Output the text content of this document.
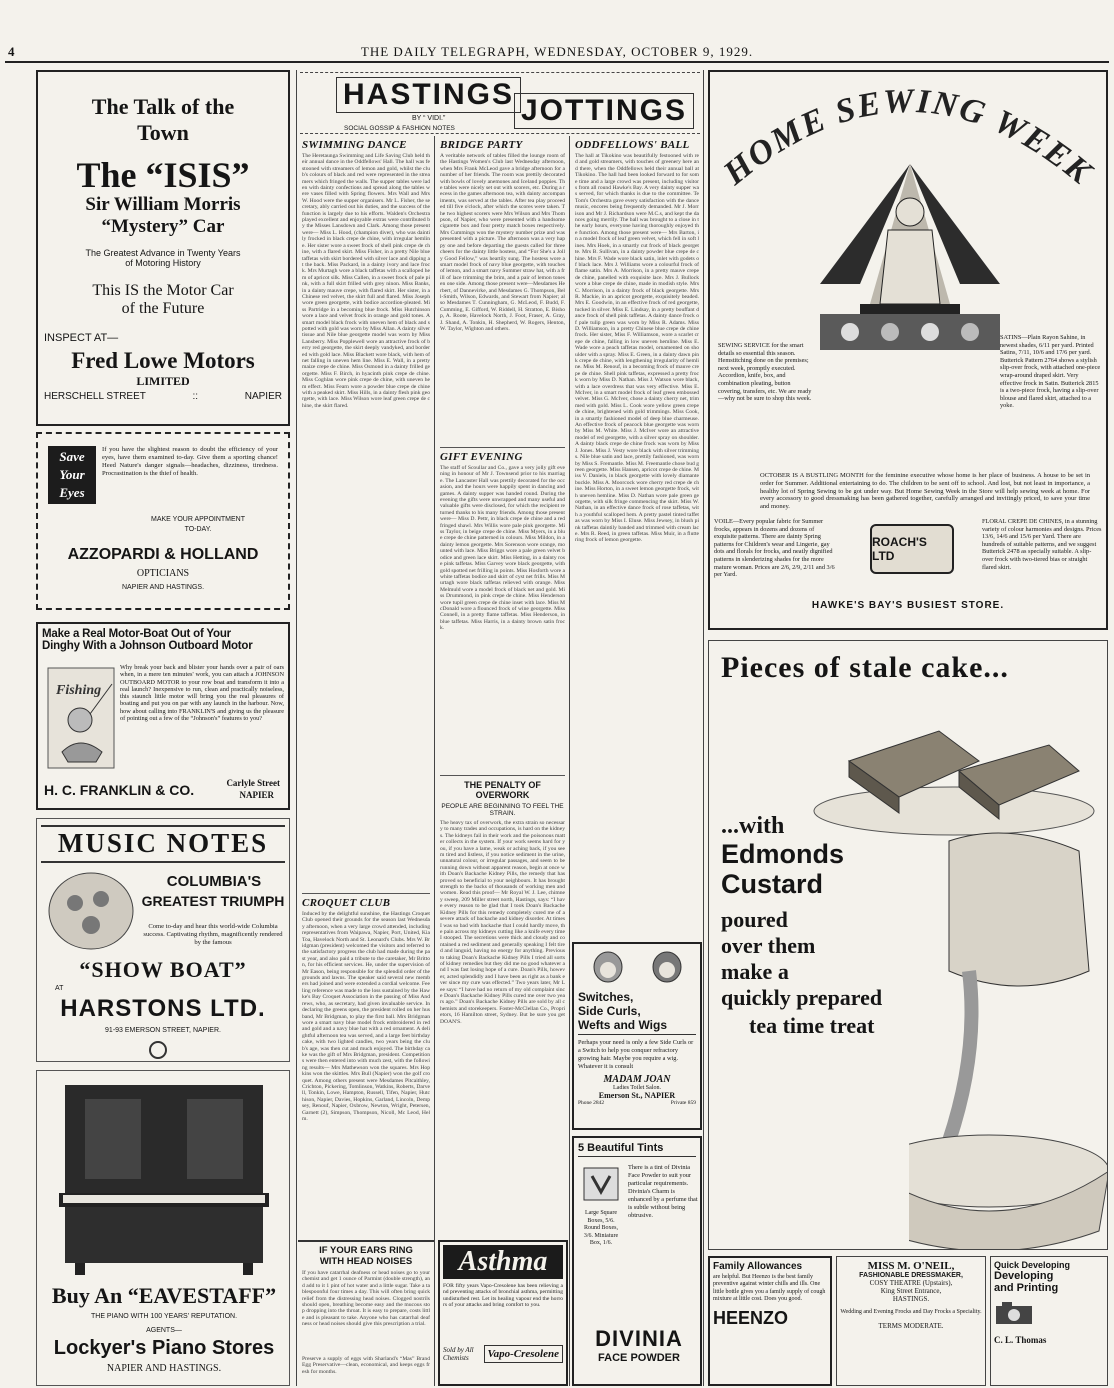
4	THE DAILY TELEGRAPH, WEDNESDAY, OCTOBER 9, 1929.
The Talk of the
Town
The “ISIS”
Sir William Morris
“Mystery” Car
The Greatest Advance in Twenty Years
of Motoring History
This IS the Motor Car
of the Future
INSPECT AT—
Fred Lowe Motors
LIMITED
HERSCHELL STREET	::	NAPIER
Save
Your
Eyes
If you have the slightest reason to doubt the efficiency of your eyes, have them examined to-day. Give them a sporting chance! Heed Nature's danger signals—headaches, dizziness, tiredness. Procrastination is the thief of health.
MAKE YOUR APPOINTMENT
TO-DAY.
AZZOPARDI & HOLLAND
OPTICIANS
NAPIER AND HASTINGS.
Make a Real Motor-Boat Out of Your
Dinghy With a Johnson Outboard Motor
Fishing
Why break your back and blister your hands over a pair of oars when, in a mere ten minutes' work, you can attach a JOHNSON OUTBOARD MOTOR to your row boat and transform it into a real launch? Inexpensive to run, clean and practically noiseless, this staunch little motor will bring you the real pleasures of boating and put you on par with any launch in the harbour. Now, how about calling into FRANKLIN'S and giving us the pleasure of pointing out a few of the “Johnson's” features to you?
H. C. FRANKLIN & CO.	Carlyle Street
NAPIER
MUSIC NOTES
COLUMBIA'S
GREATEST TRIUMPH
Come to-day and hear this world-wide Columbia success. Captivating rhythm, magnificently rendered by the famous
“SHOW BOAT”
AT
HARSTONS LTD.
91-93 EMERSON STREET, NAPIER.
Buy An “EAVESTAFF”
THE PIANO WITH 100 YEARS' REPUTATION.
AGENTS—
Lockyer's Piano Stores
NAPIER AND HASTINGS.
HASTINGS
BY “ VIDI.”
SOCIAL GOSSIP & FASHION NOTES
JOTTINGS
SWIMMING DANCE
The Heretaunga Swimming and Life Saving Club held their annual dance in the Oddfellows' Hall. The hall was festooned with streamers of lemon and gold, whilst the club's colours of black and red were represented in the streamers which fringed the walls. The supper tables were laden with dainty confections and spread along the tables were vases filled with Spring flowers. Mrs Wall and Mrs W. Hood were the supper organisers. Mr L. Fisher, the secretary, ably carried out his duties, and the success of the function is largely due to his efforts. Walden's Orchestra played excellent and enjoyable extras were contributed by the Misses Lansdown and Clark. Among those present were— Miss L. Hood, (champion diver), who was daintily frocked in black crepe de chine, with irregular hemline. Her sister wore a sweet frock of shell pink crepe de chine, with a flared skirt. Miss Fisher, in a pretty Nile blue taffetas with skirt bordered with silver lace and dipping at the back. Miss Packard, in a dainty ivory and lace frock. Mrs Murtagh wore a black taffetas with a scalloped hem of apricot silk. Miss Callen, in a sweet frock of pale pink, with a full skirt frilled with grey ninon. Miss Banks, in a dainty mauve crepe, with flared skirt. Her sister, in a Chinese red velvet, the skirt full and flared. Miss Joseph wore green georgette, with bodice accordion-pleated. Miss Partridge in a becoming blue frock. Miss Hutchinson wore a lace and velvet frock in orange and gold tones. A smart model black frock with uneven hem of black and spotted with gold was worn by Miss Allan. A dainty silver tissue and Nile blue georgette model was worn by Miss Lansberry. Miss Popplewell wore an attractive frock of berry red georgette, the skirt deeply vandyked, and bordered with gold lace. Miss Blackett wore black, with hem of net falling in uneven hem line. Miss E. Wall, in a pretty maize crepe de chine. Miss Osmond in a dainty frilled georgette. Miss F. Birch, in hyacinth pink crepe de chine. Miss Coghlan wore pink crepe de chine, with uneven hem effect. Miss Fearn wore a powder blue crepe de chine with a peaked skirt. Miss Hills, in a dainty flesh pink georgette, with lace. Miss Wilson wore leaf green crepe de chine, the skirt flared.
CROQUET CLUB
Induced by the delightful sunshine, the Hastings Croquet Club opened their grounds for the season last Wednesday afternoon, when a very large crowd attended, including representatives from Waipawa, Napier, Port, United, Kia Toa, Havelock North and St. Leonard's Clubs. Mrs W. Bridgman (president) welcomed the visitors and referred to the satisfactory progress the club had made during the past year, and also paid a tribute to the caretaker, Mr Britton, for his efficient services. He, under the supervision of Mr Eason, being responsible for the splendid order of the grounds and lawns. The speaker said several new members had joined and were extended a cordial welcome. Feeling reference was made to the loss sustained by the Hawke's Bay Croquet Association in the passing of Miss Andrews, who, as secretary, had given invaluable service. In declaring the greens open, the president rolled on her husband, Mr Bridgman, to play the first ball. Mrs Bridgman wore a smart navy blue model frock embroidered in red and gold and a navy blue hat with a red ornament. A delightful afternoon tea was served, and a large feet birthday cake, with two lighted candles, two years being the club's age, was then cut and much enjoyed. The birthday cake was the gift of Mrs Bridgman, president. Competitions were then entered into with much zest, with the following results— Mrs Mathewson won the squares. Mrs Hopkins won the skittles. Mrs Bull (Napier) won the golf croquet. Among others present were Mesdames Pitcaithley, Crichton, Pickering, Tomlinson, Watkins, Roberts, Darvell, Tonkin, Lowe, Hampton, Russell, Tifen, Napier, Hutchison, Napier, Davies, Hopkins, Garland, Lincoln, Dempsey, Renouf, Napier, Oxbrow, Newton, Wright, Petersen, Garnett (2), Simpson, Thompson, Nicoll, Mc Leod, Helm.
IF YOUR EARS RING
WITH HEAD NOISES
If you have catarrhal deafness or head noises go to your chemist and get 1 ounce of Parmint (double strength), and add to it 1 pint of hot water and a little sugar. Take a tablespoonful four times a day. This will often bring quick relief from the distressing head noises. Clogged nostrils should open, breathing become easy and the mucous stop dropping into the throat. It is easy to prepare, costs little and is pleasant to take. Anyone who has catarrhal deafness or head noises should give this prescription a trial.
Preserve a supply of eggs with Sharland's “Mas” Brand Egg Preservative—clean, economical, and keeps eggs fresh for months.
BRIDGE PARTY
A veritable network of tables filled the lounge room of the Hastings Women's Club last Wednesday afternoon, when Mrs Frank McLeod gave a bridge afternoon for a number of her friends. The room was prettily decorated with bowls of lovely anemones and Iceland poppies. The tables were nicely set out with scorers, etc. During a recess in the games afternoon tea, with dainty accompaniments, was served at the tables. After tea play proceeded till five o'clock, after which the scores were taken. The two highest scorers were Mrs Wilson and Mrs Thompson, of Napier, who were presented with a handsome cigarette box and four pretty match boxes respectively. Mrs Cummings won the mystery number prize and was presented with a picture. The afternoon was a very happy one and before departing the guests called for three cheers for the dainty little hostess, and “For She's a Jolly Good Fellow,” was heartily sung. The hostess wore a smart model frock of navy blue georgette, with touches of lemon, and a smart navy Summer straw hat, with a frill of lace trimming the brim, and a pair of lemon tones en one side. Among those present were—Mesdames Herbert, of Dannevirke, and Mesdames G. Thompson, Bell-Smith, Wilson, Edwards, and Stewart from Napier; also Mesdames T. Cunningham, G. McLeod, F. Budd, F. Cumming, E. Gifford, W. Riddell, H. Stratton, E. Bishop, A. Roote, Havelock North, J. Foot, Fraser, A. Gray, J. Shand, A. Tonkin, H. Shepherd, W. Rogers, Henton, W. Taylor, Wighton and others.
GIFT EVENING
The staff of Scoullar and Co., gave a very jolly gift evening in honour of Mr J. Townsend prior to his marriage. The Lancaster Hall was prettily decorated for the occasion, and the hours were happily spent in dancing and games. A dainty supper was handed round. During the evening the gifts were unwrapped and many useful and valuable gifts were disclosed, for which the recipient returned thanks to his many friends. Among those present were— Miss D. Pettr, in black crepe de chine and a red fringed shawl. Mrs Willis wore pale pink georgette. Miss Taylor, in beige crepe de chine. Miss Myers, in a blue crepe de chine patterned in colours. Miss Mildon, in a dainty lemon georgette. Mrs Sorenson wore orange, mounted with lace. Miss Briggs wore a pale green velvet bodice and green lace skirt. Miss Hetting, in a dainty rose pink taffetas. Miss Garvey wore black georgette, with gold spotted net frilling in points. Miss Hosforth wore a white taffetas bodice and skirt of cyst net frills. Miss Murtagh wore black taffetas relieved with orange. Miss Melmuld wore a model frock of black net and gold. Miss Drummond, in pink crepe de chine. Miss Henderson wore tupil green crepe de chine inset with lace. Miss McDonald wore a flounced frock of wine georgette. Miss Connell, in a pretty flame taffetas. Miss Henderson, in blue taffetas. Miss Harris, in a dainty brown satin frock.
THE PENALTY OF OVERWORK
PEOPLE ARE BEGINNING TO FEEL THE STRAIN.
The heavy tax of overwork, the extra strain so necessary to many trades and occupations, is hard on the kidneys. The kidneys fail in their work and the poisonous matter collects in the system. If your work seems hard for you, if you have a lame, weak or aching back, if you seem tired and listless, if you notice sediment in the urine, unnatural colour, or irregular passages, and seem to be running down without apparent reason, begin at once with Doan's Backache Kidney Pills, the remedy that has proved so beneficial to your neighbours. It has brought strength to the backs of thousands of working men and women. Read this proof— Mr Royal W. J. Lee, chimney sweep, 209 Miller street north, Hastings, says: “I have every reason to be glad that I took Doan's Backache Kidney Pills for this remedy completely cured me of a severe attack of backache and kidney disorder. At times I was so bad with backache that I could hardly move, the pain across my kidneys cutting like a knife every time I stooped. The secretions were thick and cloudy and contained a red sediment and generally speaking I felt tired and languid, having no energy for anything. Previous to taking Doan's Backache Kidney Pills I tried all sorts of kidney remedies but they did me no good whatever and I was fast losing hope of a cure. Doan's Pills, however, acted splendidly and I have been as right as a bank ever since my cure was effected.” Two years later, Mr Lee says: “I have had no return of my old complaint since Doan's Backache Kidney Pills cured me over two years ago.” Doan's Backache Kidney Pills are sold by all chemists and storekeepers. Foster-McClellan Co., Proprietors, 16 Hamilton street, Sydney. But be sure you get DOAN'S.
Asthma
FOR fifty years Vapo-Cresolene has been relieving and preventing attacks of bronchial asthma, permitting undisturbed rest. Let its healing vapour end the horrors of your attacks and bring comfort to you.
Sold by All Chemists	Vapo-Cresolene
ODDFELLOWS' BALL
The hall at Tikokino was beautifully festooned with red and gold streamers, with touches of greenery here and there, when the Oddfellows held their annual ball at Tikokino. The hall had been looked forward to for some time and a large crowd was present, including visitors from all round Hawke's Bay. A very dainty supper was served, for which thanks is due to the committee. Te Tom's Orchestra gave every satisfaction with the dance music, encores being frequently demanded. Mr J. Morrison and Mr J. Richardson were M.C.s, and kept the dances going merrily. The ball was brought to a close in the early hours, everyone having thoroughly enjoyed the function. Among those present were— Mrs Barton, in a model frock of leaf green velvet, which fell in soft lines. Mrs Hoek, in a smartly cut frock of black georgette. Mrs B. Sullivan, in a dainty powder blue crepe de chine. Mrs F. Wade wore black satin, inlet with godets of black lace. Mrs J. Williams wore a colourful frock of flame satin. Mrs A. Morrison, in a pretty mauve crepe de chine, panelled with exquisite lace. Mrs J. Bullock wore a blue crepe de chine, made in modish style. Mrs C. Morrison, in a dainty frock of black georgette. Mrs R. Mackie, in an apricot georgette, exquisitely beaded. Mrs E. Goodwin, in an effective frock of red georgette, tucked in silver. Miss E. Lindsay, in a pretty bouffant dance frock of shell pink taffetas. A dainty dance frock of pale tulip green was worn by Miss R. Adams. Miss D. Williamson, in a pretty Chinese blue crepe de chine frock. Her sister, Miss F. Williamson, wore a scarlet crepe de chine, falling in low uneven hemline. Miss E. Wade wore a peach taffetas model, ornamented on shoulder with a spray. Miss E. Green, in a dainty dawn pink crepe de chine, with lengthening irregularity of hemline. Miss M. Renouf, in a becoming frock of mauve crepe de chine. Shell pink taffetas, expressed a pretty frock worn by Miss D. Nathan. Miss J. Watson wore black, with a lace overdress that was very effective. Miss E. McIver, in a smart model frock of leaf green embossed velvet. Miss G. McIver, chose a dainty cherry net, trimmed with gold. Miss L. Cook wore yellow green crepe de chine, brightened with gold trimmings. Miss Cook, in a smartly fashioned model of deep blue charmeuse. An effective frock of peacock blue georgette was worn by Miss M. White. Miss J. McIver wore an attractive model of red georgette, with a silver spray on shoulder. A dainty black crepe de chine frock was worn by Miss J. Jones. Miss J. Vesty wore black with silver trimmings. Nile blue satin and lace, prettily fashioned, was worn by Miss S. Fremantle. Miss M. Freemantle chose bud green georgette. Miss Hansen, apricot crepe de chine. Miss V. Daniels, in black georgette with lovely diamante buckle. Miss A. Moorcock wore cherry red crepe de chine. Miss Horton, in a sweet lemon georgette frock, with uneven hemline. Miss D. Nathan wore pale green georgette, with silk fringe commencing the skirt. Miss W. Nathan, in an effective dance frock of rose taffetas, with a youthful scalloped hem. A pretty pastel tinted taffetas was worn by Miss I. Eluse. Miss Jewsey, in blush pink taffetas daintily banded and trimmed with cream lace. Mrs R. Reed, in green taffetas. Miss Muir, in a fluttering frock of lemon georgette.
Switches,
Side Curls,
Wefts and Wigs
Perhaps your need is only a few Side Curls or a Switch to help you conquer refractory growing hair. Maybe you require a wig. Whatever it is consult
MADAM JOAN
Ladies Toilet Salon.
Emerson St., NAPIER
Phone 2842	Private 859
5 Beautiful Tints
Large Square Boxes, 5/6. Round Boxes, 3/6. Miniature Box, 1/6.
There is a tint of Divinia Face Powder to suit your particular requirements. Divinia's Charm is enhanced by a perfume that is subtle without being obtrusive.
DIVINIA
FACE POWDER
HOME SEWING WEEK
SEWING SERVICE for the smart details so essential this season. Hemstitching done on the premises; next week, promptly executed. Accordion, knife, box, and combination pleating, button covering, transfers, etc. We are ready—why not be sure to shop this week.
SATINS—Plain Rayon Sahine, in newest shades, 6/11 per yard. Printed Satins, 7/11, 10/6 and 17/6 per yard. Butterick Pattern 2764 shows a stylish slip-over frock, with attached one-piece wrap-around draped skirt. Very effective frock in Satin. Butterick 2815 is a two-piece frock, having a slip-over blouse and flared skirt, attached to a yoke.
OCTOBER IS A BUSTLING MONTH for the feminine executive whose home is her place of business. A house to be set in order for Summer. Additional entertaining to do. The children to be sent off to school. And lost, but not least in importance, a healthy lot of Spring Sewing to be got under way. But Home Sewing Week in the Store will help sewing week at home. For every accessory to good dressmaking has been gathered together, carefully arranged and invitingly priced, to save your time and money.
VOILE—Every popular fabric for Summer frocks, appears in dozens and dozens of exquisite patterns. There are dainty Spring patterns for Children's wear and Lingerie, gay dots and florals for frocks, and neatly dignified patterns in slenderizing shades for the more mature woman. Prices are 2/6, 2/9, 2/11 and 3/6 per Yard.
ROACH'S LTD
FLORAL CREPE DE CHINES, in a stunning variety of colour harmonies and designs. Prices 13/6, 14/6 and 15/6 per Yard. There are hundreds of suitable patterns, and we suggest Butterick 2478 as specially suitable. A slip-over frock with two-tiered bias or straight flared skirt.
HAWKE'S BAY'S BUSIEST STORE.
Pieces of stale cake...
...with
Edmonds
Custard
poured
over them
make a
quickly prepared
tea time treat
Family Allowances
are helpful. But Heenzo is the best family preventive against winter chills and ills. One little bottle gives you a family supply of cough mixture at little cost. Does you good.
HEENZO
MISS M. O'NEIL,
FASHIONABLE DRESSMAKER,
COSY THEATRE (Upstairs),
King Street Entrance,
HASTINGS.
Wedding and Evening Frocks and Day Frocks a Speciality.
TERMS MODERATE.
Quick Developing
Developing
and Printing
C. L. Thomas
